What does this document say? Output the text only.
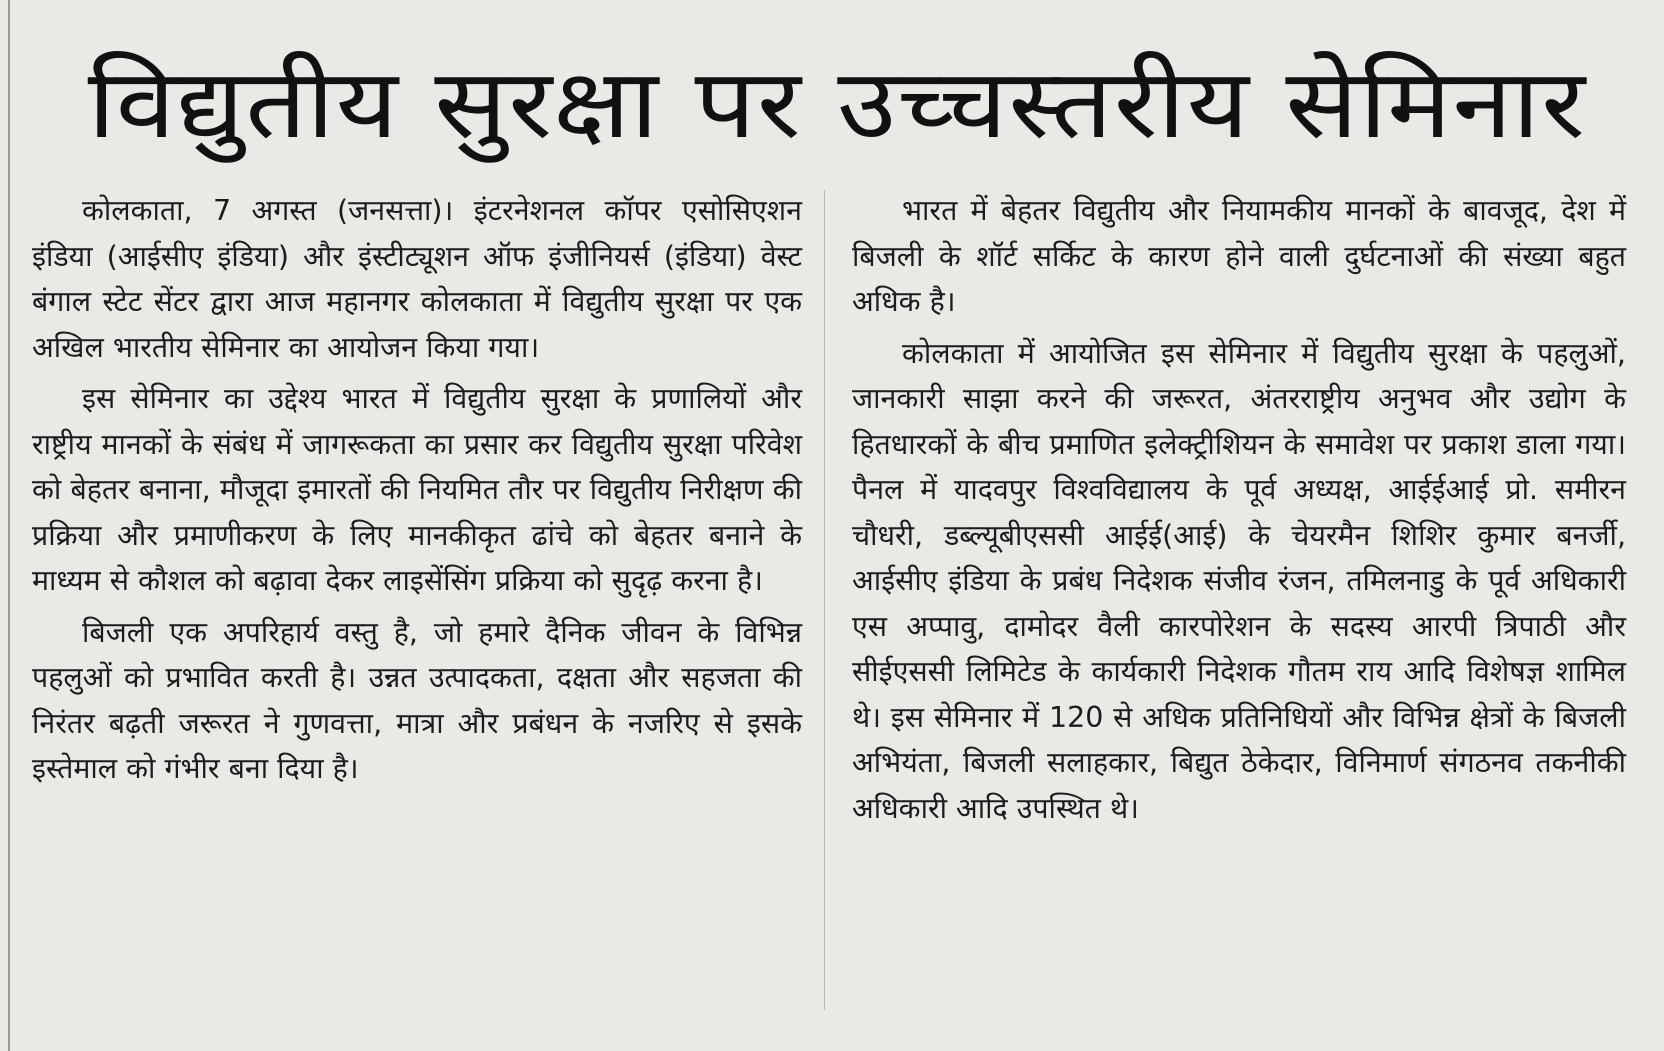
विद्युतीय सुरक्षा पर उच्चस्तरीय सेमिनार

कोलकाता, 7 अगस्त (जनसत्ता)। इंटरनेशनल कॉपर एसोसिएशन इंडिया (आईसीए इंडिया) और इंस्टीट्यूशन ऑफ इंजीनियर्स (इंडिया) वेस्ट बंगाल स्टेट सेंटर द्वारा आज महानगर कोलकाता में विद्युतीय सुरक्षा पर एक अखिल भारतीय सेमिनार का आयोजन किया गया।

इस सेमिनार का उद्देश्य भारत में विद्युतीय सुरक्षा के प्रणालियों और राष्ट्रीय मानकों के संबंध में जागरूकता का प्रसार कर विद्युतीय सुरक्षा परिवेश को बेहतर बनाना, मौजूदा इमारतों की नियमित तौर पर विद्युतीय निरीक्षण की प्रक्रिया और प्रमाणीकरण के लिए मानकीकृत ढांचे को बेहतर बनाने के माध्यम से कौशल को बढ़ावा देकर लाइसेंसिंग प्रक्रिया को सुदृढ़ करना है।

बिजली एक अपरिहार्य वस्तु है, जो हमारे दैनिक जीवन के विभिन्न पहलुओं को प्रभावित करती है। उन्नत उत्पादकता, दक्षता और सहजता की निरंतर बढ़ती जरूरत ने गुणवत्ता, मात्रा और प्रबंधन के नजरिए से इसके इस्तेमाल को गंभीर बना दिया है।

भारत में बेहतर विद्युतीय और नियामकीय मानकों के बावजूद, देश में बिजली के शॉर्ट सर्किट के कारण होने वाली दुर्घटनाओं की संख्या बहुत अधिक है।

कोलकाता में आयोजित इस सेमिनार में विद्युतीय सुरक्षा के पहलुओं, जानकारी साझा करने की जरूरत, अंतरराष्ट्रीय अनुभव और उद्योग के हितधारकों के बीच प्रमाणित इलेक्ट्रीशियन के समावेश पर प्रकाश डाला गया। पैनल में यादवपुर विश्वविद्यालय के पूर्व अध्यक्ष, आईईआई प्रो. समीरन चौधरी, डब्ल्यूबीएससी आईई(आई) के चेयरमैन शिशिर कुमार बनर्जी, आईसीए इंडिया के प्रबंध निदेशक संजीव रंजन, तमिलनाडु के पूर्व अधिकारी एस अप्पावु, दामोदर वैली कारपोरेशन के सदस्य आरपी त्रिपाठी और सीईएससी लिमिटेड के कार्यकारी निदेशक गौतम राय आदि विशेषज्ञ शामिल थे। इस सेमिनार में 120 से अधिक प्रतिनिधियों और विभिन्न क्षेत्रों के बिजली अभियंता, बिजली सलाहकार, बिद्युत ठेकेदार, विनिमार्ण संगठनव तकनीकी अधिकारी आदि उपस्थित थे।
